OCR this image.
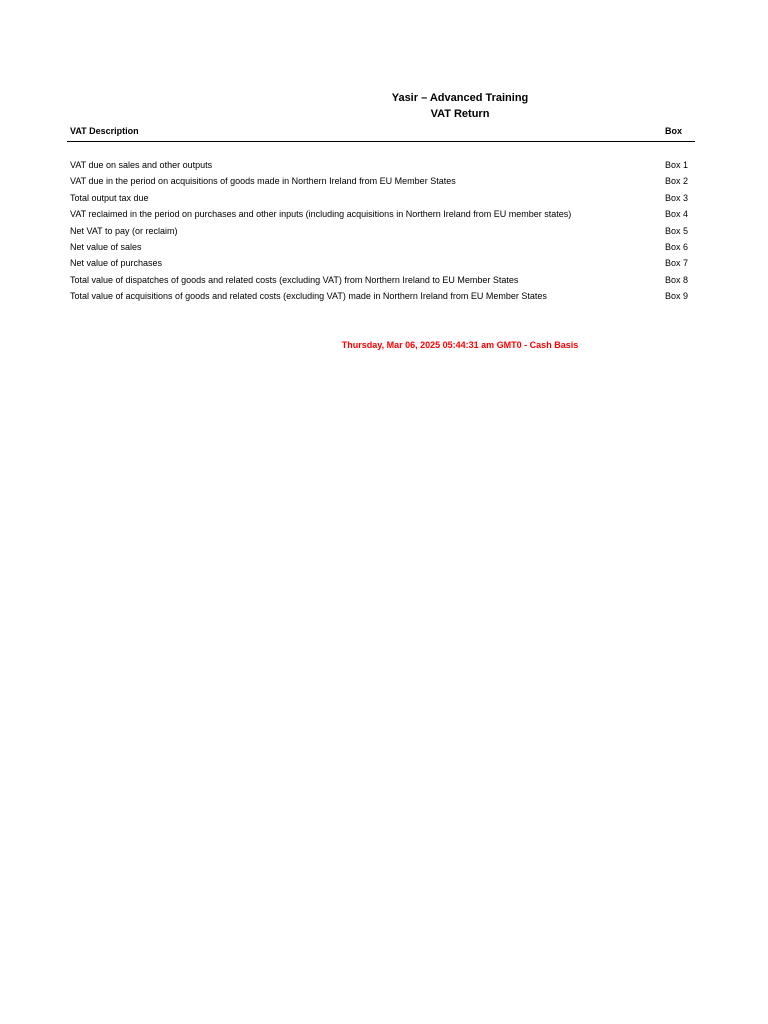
Yasir – Advanced Training
VAT Return
VAT Description	Box
VAT due on sales and other outputs	Box 1
VAT due in the period on acquisitions of goods made in Northern Ireland from EU Member States	Box 2
Total output tax due	Box 3
VAT reclaimed in the period on purchases and other inputs (including acquisitions in Northern Ireland from EU member states)	Box 4
Net VAT to pay (or reclaim)	Box 5
Net value of sales	Box 6
Net value of purchases	Box 7
Total value of dispatches of goods and related costs (excluding VAT) from Northern Ireland to EU Member States	Box 8
Total value of acquisitions of goods and related costs (excluding VAT) made in Northern Ireland from EU Member States	Box 9
Thursday, Mar 06, 2025 05:44:31 am GMT0 - Cash Basis
